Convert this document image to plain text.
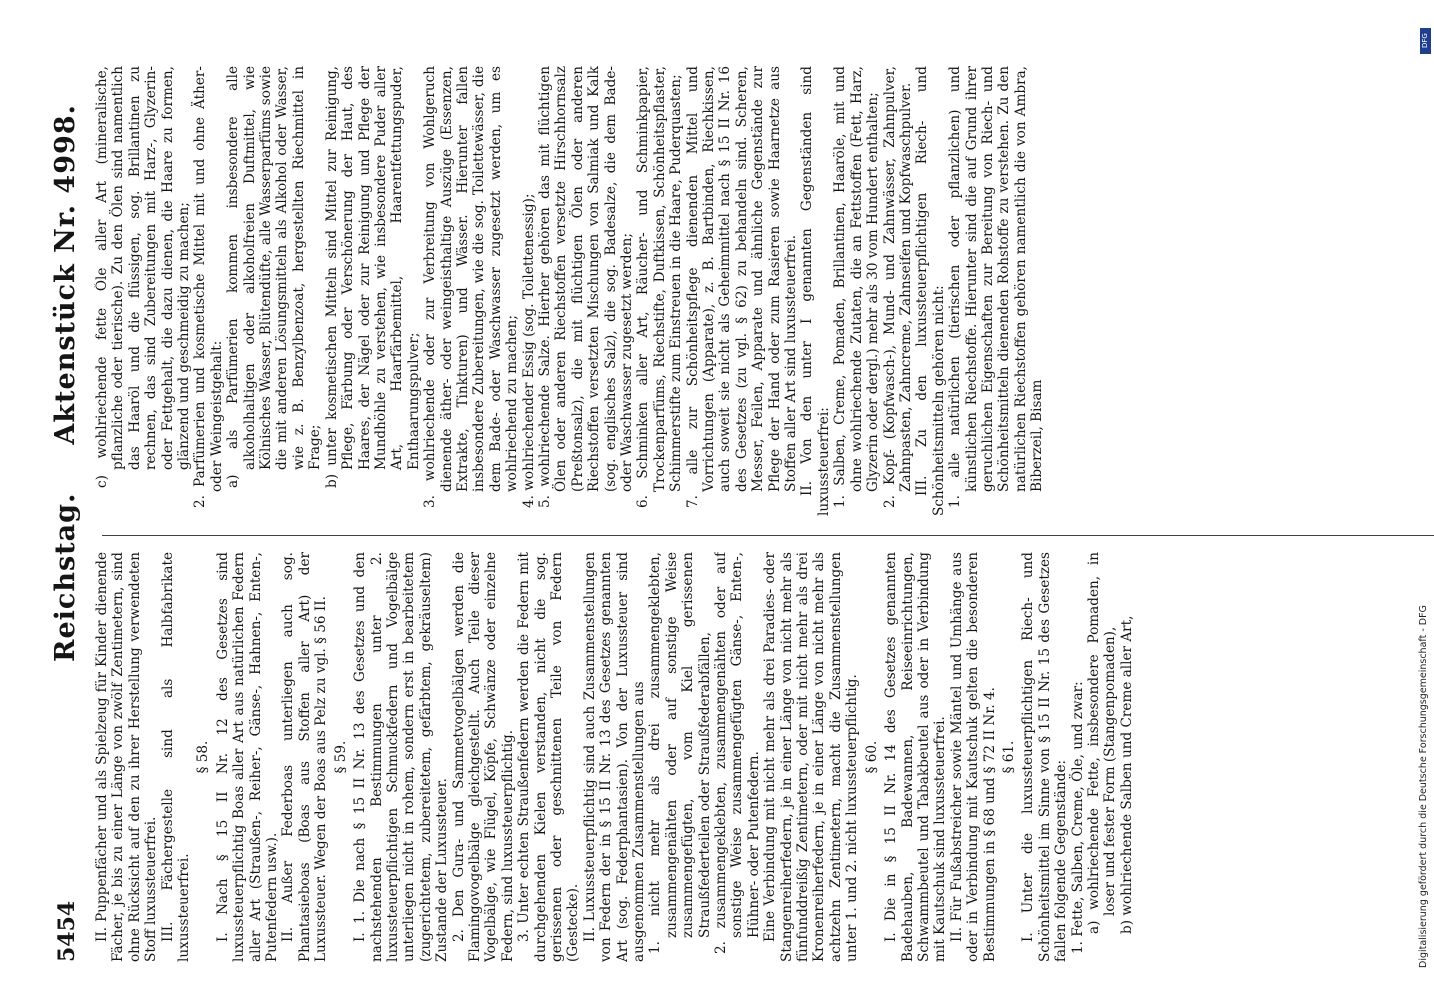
5454
Reichstag.Aktenstück Nr. 4998.

II. Puppenfächer und als Spielzeug für Kinder dienende Fächer, je bis zu einer Länge von zwölf Zentimetern, sind ohne Rücksicht auf den zu ihrer Herstellung verwendeten Stoff luxussteuerfrei. III. Fächergestelle sind als Halbfabrikate luxussteuerfrei.

§ 58. I. Nach § 15 II Nr. 12 des Gesetzes sind luxussteuerpflichtig Boas aller Art aus natürlichen Federn aller Art (Straußen-, Reiher-, Gänse-, Hahnen-, Enten-, Putenfedern usw.). II. Außer Federboas unterliegen auch sog. Phantasieboas (Boas aus Stoffen aller Art) der Luxussteuer. Wegen der Boas aus Pelz zu vgl. § 56 II. § 59. I. 1. Die nach § 15 II Nr. 13 des Gesetzes und den nachstehenden Bestimmungen unter 2. luxussteuerpflichtigen Schmuckfedern und Vogelbälge unterliegen nicht in rohem, sondern erst in bearbeitetem (zugerichtetem, zubereitetem, gefärbtem, gekräuseltem) Zustande der Luxussteuer. 2. Den Gura- und Sammetvogelbälgen werden die Flamingovogelbälge gleichgestellt. Auch Teile dieser Vogelbälge, wie Flügel, Köpfe, Schwänze oder einzelne Federn, sind luxussteuerpflichtig. 3. Unter echten Straußenfedern werden die Federn mit durchgehenden Kielen verstanden, nicht die sog. gerissenen oder geschnittenen Teile von Federn (Gestecke). II. Luxussteuerpflichtig sind auch Zusammenstellungen von Federn der in § 15 II Nr. 13 des Gesetzes genannten Art (sog. Federphantasien). Von der Luxussteuer sind ausgenommen Zusammenstellungen aus 1. nicht mehr als drei zusammengeklebten, zusammengenähten oder auf sonstige Weise zusammengefügten, vom Kiel gerissenen Straußfederteilen oder Straußfederabfällen, 2. zusammengeklebten, zusammengenähten oder auf sonstige Weise zusammengefügten Gänse-, Enten-, Hühner- oder Putenfedern. Eine Verbindung mit nicht mehr als drei Paradies- oder Stangenreiherfedern, je in einer Länge von nicht mehr als fünfunddreißig Zentimetern, oder mit nicht mehr als drei Kronenreiherfedern, je in einer Länge von nicht mehr als achtzehn Zentimetern, macht die Zusammenstellungen unter 1. und 2. nicht luxussteuerpflichtig. § 60. I. Die in § 15 II Nr. 14 des Gesetzes genannten Badehauben, Badewannen, Reiseeinrichtungen, Schwammbeutel und Tabakbeutel aus oder in Verbindung mit Kautschuk sind luxussteuerfrei. II. Für Fußabstreicher sowie Mäntel und Umhänge aus oder in Verbindung mit Kautschuk gelten die besonderen Bestimmungen in § 68 und § 72 II Nr. 4. § 61. I. Unter die luxussteuerpflichtigen Riech- und Schönheitsmittel im Sinne von § 15 II Nr. 15 des Gesetzes fallen folgende Gegenstände: 1. Fette, Salben, Creme, Öle, und zwar: a) wohlriechende Fette, insbesondere Pomaden, in loser und fester Form (Stangenpomaden), b) wohlriechende Salben und Creme aller Art,

c) wohlriechende fette Öle aller Art (mineralische, pflanzliche oder tierische). Zu den Ölen sind namentlich das Haaröl und die flüssigen, sog. Brillantinen zu rechnen, das sind Zubereitungen mit Harz-, Glyzerin- oder Fettgehalt, die dazu dienen, die Haare zu formen, glänzend und geschmeidig zu machen; 2. Parfümerien und kosmetische Mittel mit und ohne Äther- oder Weingeistgehalt: a) als Parfümerien kommen insbesondere alle alkoholhaltigen oder alkoholfreien Duftmittel, wie Kölnisches Wasser, Blütendüfte, alle Wasserparfüms sowie die mit anderen Lösungsmitteln als Alkohol oder Wasser, wie z. B. Benzylbenzoat, hergestellten Riechmittel in Frage; b) unter kosmetischen Mitteln sind Mittel zur Reinigung, Pflege, Färbung oder Verschönerung der Haut, des Haares, der Nägel oder zur Reinigung und Pflege der Mundhöhle zu verstehen, wie insbesondere Puder aller Art, Haarfärbemittel, Haarentfettungspuder, Enthaarungspulver; 3. wohlriechende oder zur Verbreitung von Wohlgeruch dienende äther- oder weingeisthaltige Auszüge (Essenzen, Extrakte, Tinkturen) und Wässer. Hierunter fallen insbesondere Zubereitungen, wie die sog. Toilettewässer, die dem Bade- oder Waschwasser zugesetzt werden, um es wohlriechend zu machen; 4. wohlriechender Essig (sog. Toilettenessig); 5. wohlriechende Salze. Hierher gehören das mit flüchtigen Ölen oder anderen Riechstoffen versetzte Hirschhornsalz (Preßtonsalz), die mit flüchtigen Ölen oder anderen Riechstoffen versetzten Mischungen von Salmiak und Kalk (sog. englisches Salz), die sog. Badesalze, die dem Bade- oder Waschwasser zugesetzt werden; 6. Schminken aller Art, Räucher- und Schminkpapier, Trockenparfüms, Riechstifte, Duftkissen, Schönheitspflaster, Schimmerstifte zum Einstreuen in die Haare, Puderquasten; 7. alle zur Schönheitspflege dienenden Mittel und Vorrichtungen (Apparate), z. B. Bartbinden, Riechkissen, auch soweit sie nicht als Geheimmittel nach § 15 II Nr. 16 des Gesetzes (zu vgl. § 62) zu behandeln sind. Scheren, Messer, Feilen, Apparate und ähnliche Gegenstände zur Pflege der Hand oder zum Rasieren sowie Haarnetze aus Stoffen aller Art sind luxussteuerfrei. II. Von den unter I genannten Gegenständen sind luxussteuerfrei: 1. Salben, Creme, Pomaden, Brillantinen, Haaröle, mit und ohne wohlriechende Zutaten, die an Fettstoffen (Fett, Harz, Glyzerin oder dergl.) mehr als 30 vom Hundert enthalten; 2. Kopf- (Kopfwasch-), Mund- und Zahnwässer, Zahnpulver, Zahnpasten, Zahncreme, Zahnseifen und Kopfwaschpulver. III. Zu den luxussteuerpflichtigen Riech- und Schönheitsmitteln gehören nicht: 1. alle natürlichen (tierischen oder pflanzlichen) und künstlichen Riechstoffe. Hierunter sind die auf Grund ihrer geruchlichen Eigenschaften zur Bereitung von Riech- und Schönheitsmitteln dienenden Rohstoffe zu verstehen. Zu den natürlichen Riechstoffen gehören namentlich die von Ambra, Biberzeil, Bisam

DFG
Digitalisierung gefördert durch die Deutsche Forschungsgemeinschaft - DFG
